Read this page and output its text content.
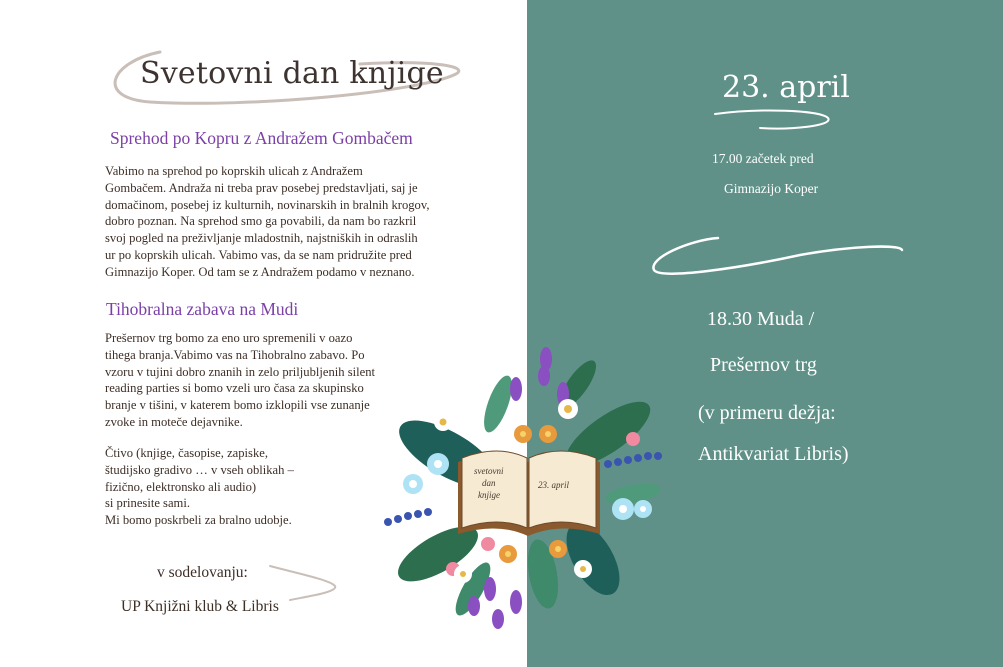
Svetovni dan knjige
Sprehod po Kopru z Andražem Gombačem
Vabimo na sprehod po koprskih ulicah z Andražem
Gombačem. Andraža ni treba prav posebej predstavljati, saj je
domačinom, posebej iz kulturnih, novinarskih in bralnih krogov,
dobro poznan. Na sprehod smo ga povabili, da nam bo razkril
svoj pogled na preživljanje mladostnih, najstniških in odraslih
ur po koprskih ulicah. Vabimo vas, da se nam pridružite pred
Gimnazijo Koper. Od tam se z Andražem podamo v neznano.
Tihobralna zabava na Mudi
Prešernov trg bomo za eno uro spremenili v oazo
tihega branja.Vabimo vas na Tihobralno zabavo. Po
vzoru v tujini dobro znanih in zelo priljubljenih silent
reading parties si bomo vzeli uro časa za skupinsko
branje v tišini, v katerem bomo izklopili vse zunanje
zvoke in moteče dejavnike.
Čtivo (knjige, časopise, zapiske,
študijsko gradivo … v vseh oblikah –
fizično, elektronsko ali audio)
si prinesite sami.
Mi bomo poskrbeli za bralno udobje.
v sodelovanju:
UP Knjižni klub & Libris
23. april
17.00 začetek pred
Gimnazijo Koper
18.30 Muda /
Prešernov trg
(v primeru dežja:
Antikvariat Libris)
svetovni
dan
knjige
23. april
